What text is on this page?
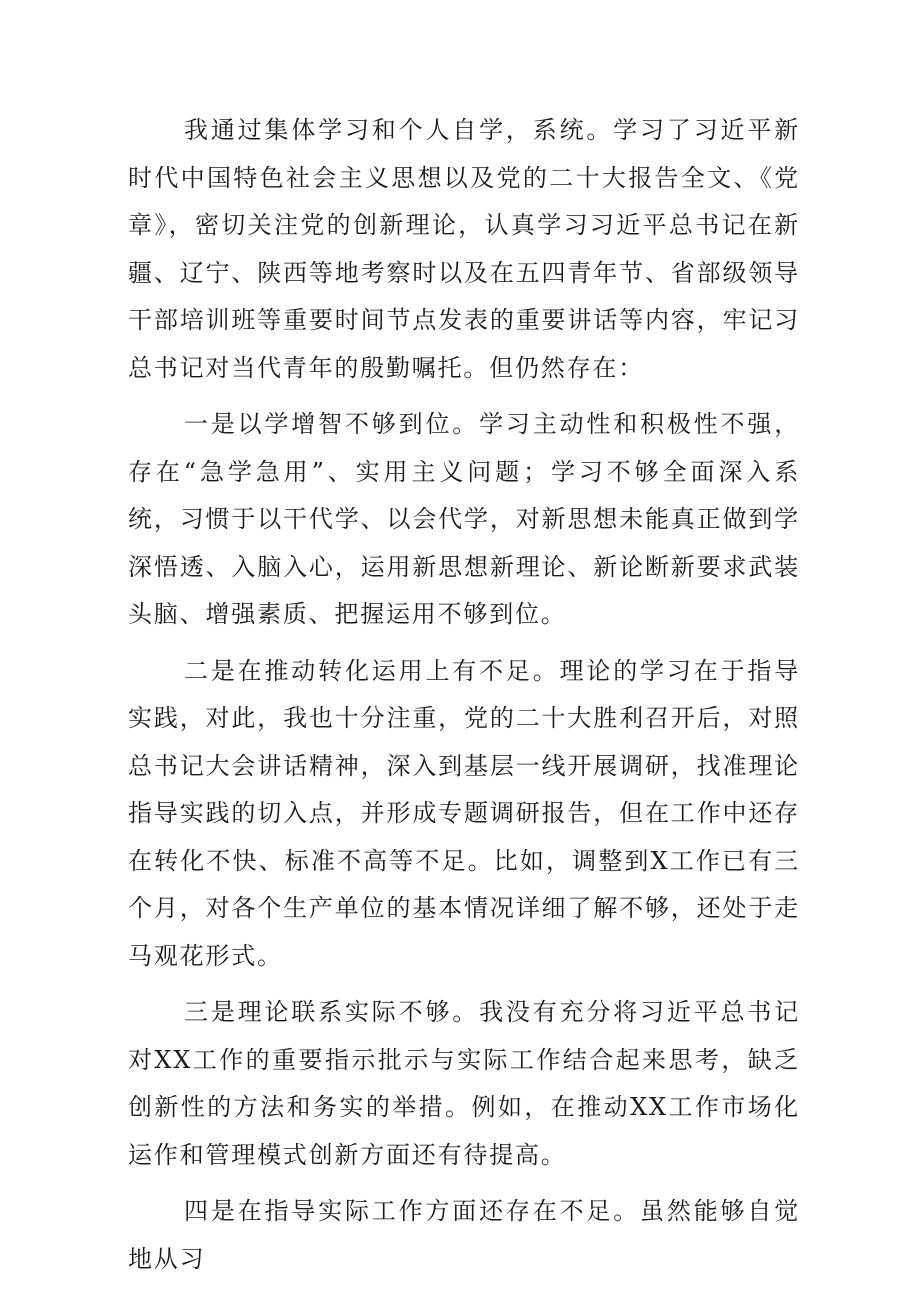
我通过集体学习和个人自学，系统。学习了习近平新时代中国特色社会主义思想以及党的二十大报告全文、《党章》，密切关注党的创新理论，认真学习习近平总书记在新疆、辽宁、陕西等地考察时以及在五四青年节、省部级领导干部培训班等重要时间节点发表的重要讲话等内容，牢记习总书记对当代青年的殷勤嘱托。但仍然存在：

一是以学增智不够到位。学习主动性和积极性不强，存在“急学急用”、实用主义问题；学习不够全面深入系统，习惯于以干代学、以会代学，对新思想未能真正做到学深悟透、入脑入心，运用新思想新理论、新论断新要求武装头脑、增强素质、把握运用不够到位。

二是在推动转化运用上有不足。理论的学习在于指导实践，对此，我也十分注重，党的二十大胜利召开后，对照总书记大会讲话精神，深入到基层一线开展调研，找准理论指导实践的切入点，并形成专题调研报告，但在工作中还存在转化不快、标准不高等不足。比如，调整到X工作已有三个月，对各个生产单位的基本情况详细了解不够，还处于走马观花形式。

三是理论联系实际不够。我没有充分将习近平总书记对XX工作的重要指示批示与实际工作结合起来思考，缺乏创新性的方法和务实的举措。例如，在推动XX工作市场化运作和管理模式创新方面还有待提高。

四是在指导实际工作方面还存在不足。虽然能够自觉地从习
